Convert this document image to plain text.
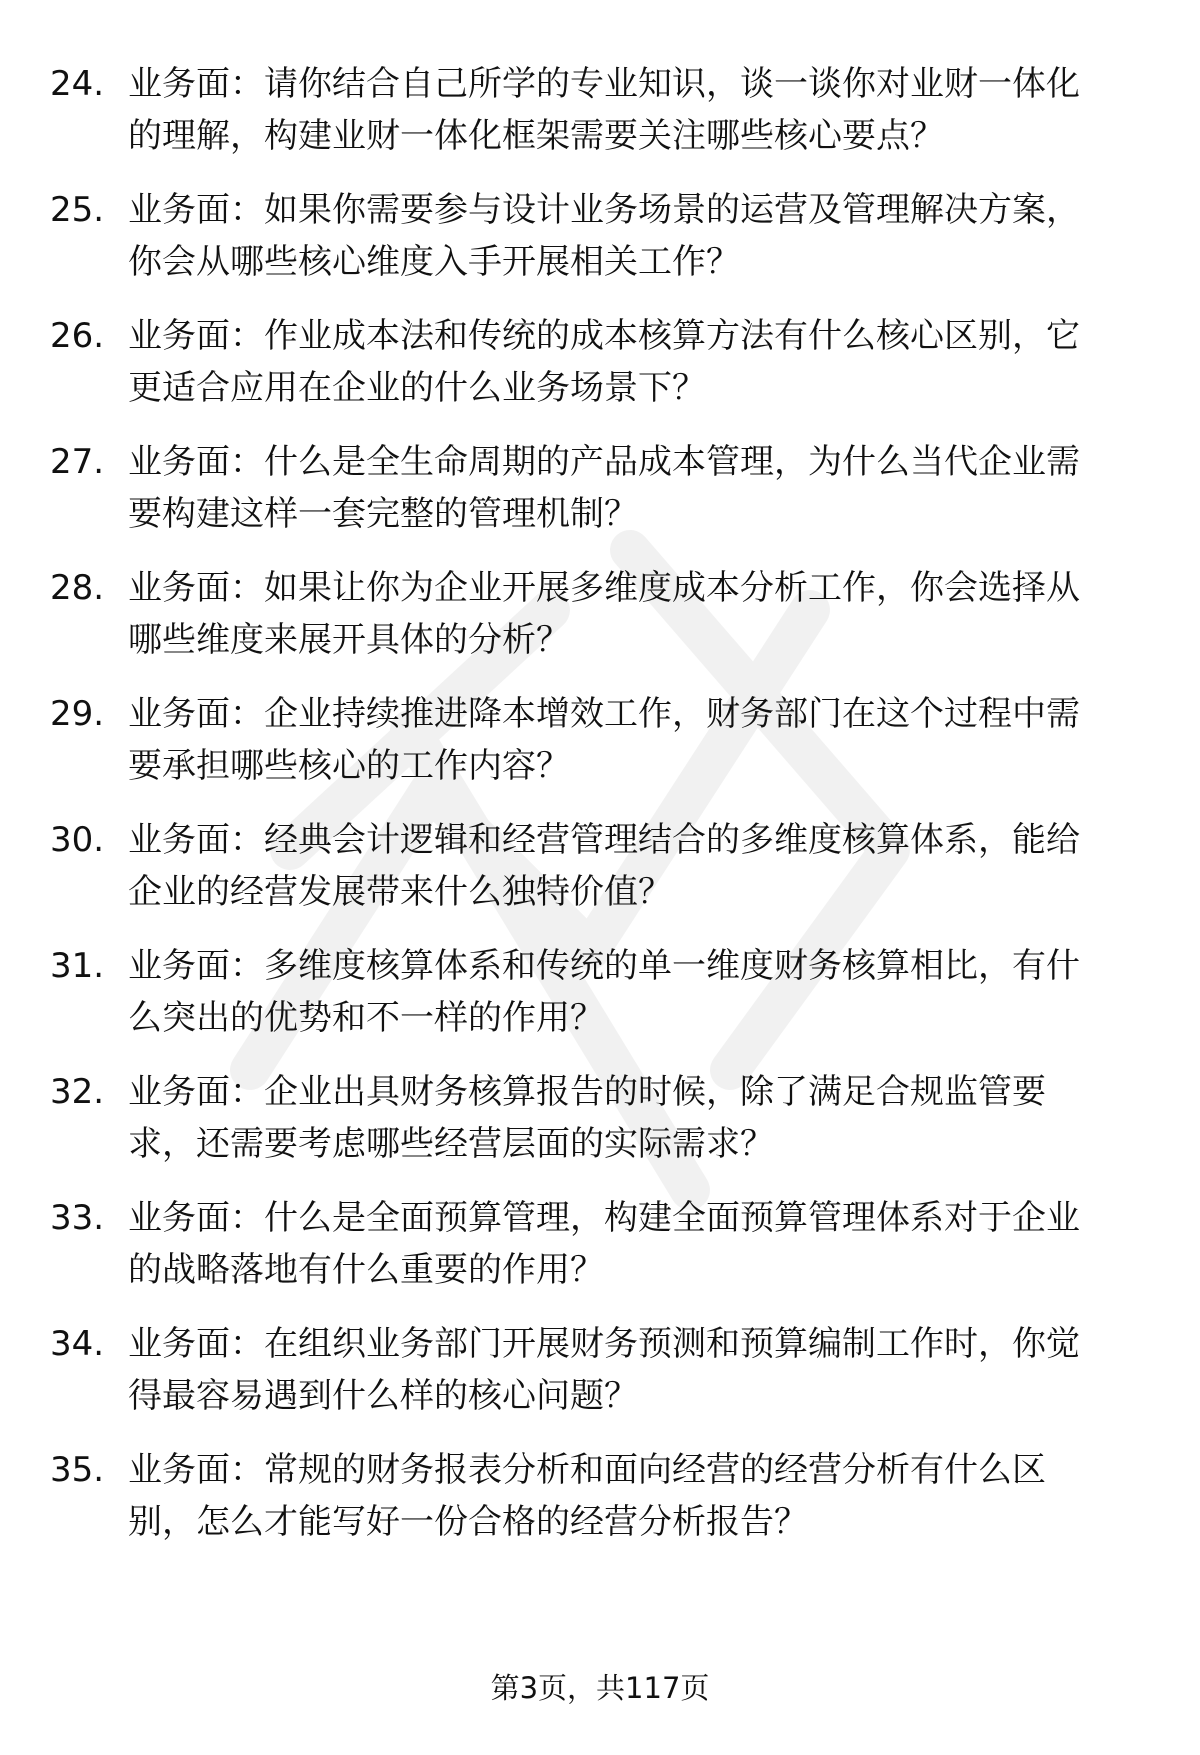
24. 业务面：请你结合自己所学的专业知识，谈一谈你对业财一体化
的理解，构建业财一体化框架需要关注哪些核心要点？
25. 业务面：如果你需要参与设计业务场景的运营及管理解决方案，
你会从哪些核心维度入手开展相关工作？
26. 业务面：作业成本法和传统的成本核算方法有什么核心区别，它
更适合应用在企业的什么业务场景下？
27. 业务面：什么是全生命周期的产品成本管理，为什么当代企业需
要构建这样一套完整的管理机制？
28. 业务面：如果让你为企业开展多维度成本分析工作，你会选择从
哪些维度来展开具体的分析？
29. 业务面：企业持续推进降本增效工作，财务部门在这个过程中需
要承担哪些核心的工作内容？
30. 业务面：经典会计逻辑和经营管理结合的多维度核算体系，能给
企业的经营发展带来什么独特价值？
31. 业务面：多维度核算体系和传统的单一维度财务核算相比，有什
么突出的优势和不一样的作用？
32. 业务面：企业出具财务核算报告的时候，除了满足合规监管要
求，还需要考虑哪些经营层面的实际需求？
33. 业务面：什么是全面预算管理，构建全面预算管理体系对于企业
的战略落地有什么重要的作用？
34. 业务面：在组织业务部门开展财务预测和预算编制工作时，你觉
得最容易遇到什么样的核心问题？
35. 业务面：常规的财务报表分析和面向经营的经营分析有什么区
别，怎么才能写好一份合格的经营分析报告？
第3页，共117页
